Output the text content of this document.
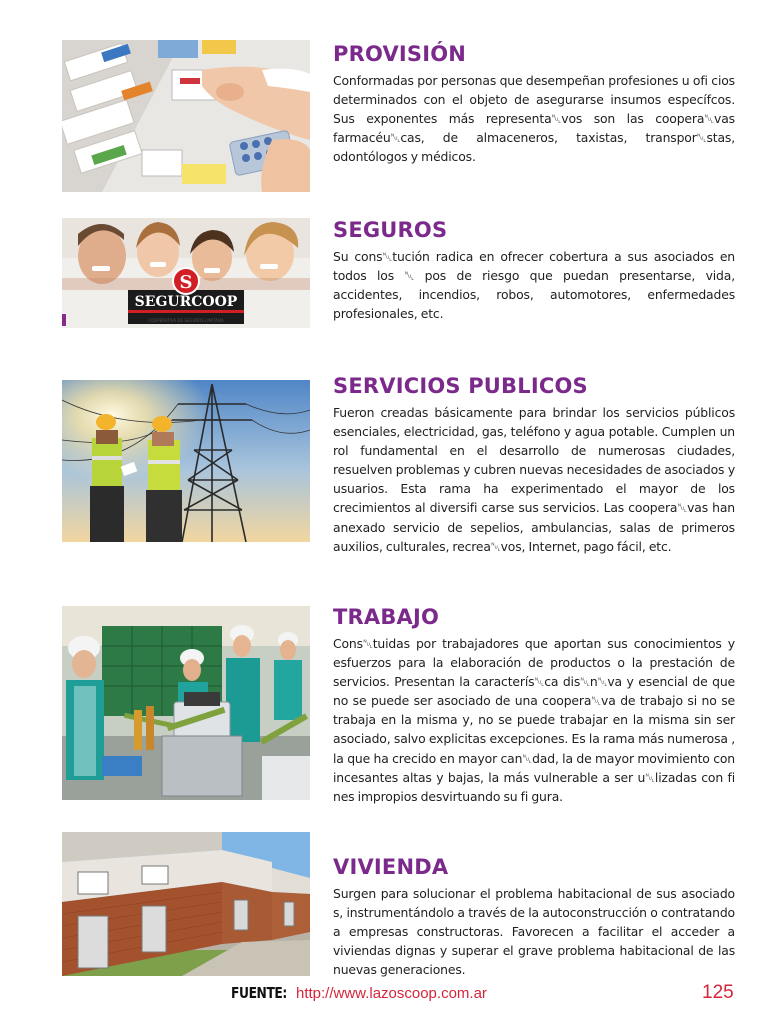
PROVISIÓN

Conformadas por personas que desempeñan profesiones u ofi cios determinados con el objeto de asegurarse insumos específcos. Sus exponentes más representa␀vos son las coopera␀vas farmacéu␀cas, de almaceneros, taxistas, transpor␀stas, odontólogos y médicos.

S
SEGURCOOP
COOPERATIVA DE SEGUROS LIMITADA
SEGUROS

Su cons␀tución radica en ofrecer cobertura a sus asociados en todos los ␀ pos de riesgo que puedan presentarse, vida, accidentes, incendios, robos, automotores, enfermedades profesionales, etc.

SERVICIOS PUBLICOS

Fueron creadas básicamente para brindar los servicios públicos esenciales, electricidad, gas, teléfono y agua potable. Cumplen un rol fundamental en el desarrollo de numerosas ciudades, resuelven problemas y cubren nuevas necesidades de asociados y usuarios. Esta rama ha experimentado el mayor de los crecimientos al diversifi carse sus servicios. Las coopera␀vas han anexado servicio de sepelios, ambulancias, salas de primeros auxilios, culturales, recrea␀vos, Internet, pago fácil, etc.

TRABAJO

Cons␀tuidas por trabajadores que aportan sus conocimientos y esfuerzos para la elaboración de productos o la prestación de servicios. Presentan la caracterís␀ca dis␀n␀va y esencial de que no se puede ser asociado de una coopera␀va de trabajo si no se trabaja en la misma y, no se puede trabajar en la misma sin ser asociado, salvo explicitas excepciones. Es la rama más numerosa , la que ha crecido en mayor can␀dad, la de mayor movimiento con incesantes altas y bajas, la más vulnerable a ser u␀lizadas con fi nes impropios desvirtuando su fi gura.

VIVIENDA

Surgen para solucionar el problema habitacional de sus asociado s, instrumentándolo a través de la autoconstrucción o contratando a empresas constructoras. Favorecen a facilitar el acceder a viviendas dignas y superar el grave problema habitacional de las nuevas generaciones.

FUENTE: http://www.lazoscoop.com.ar	125
